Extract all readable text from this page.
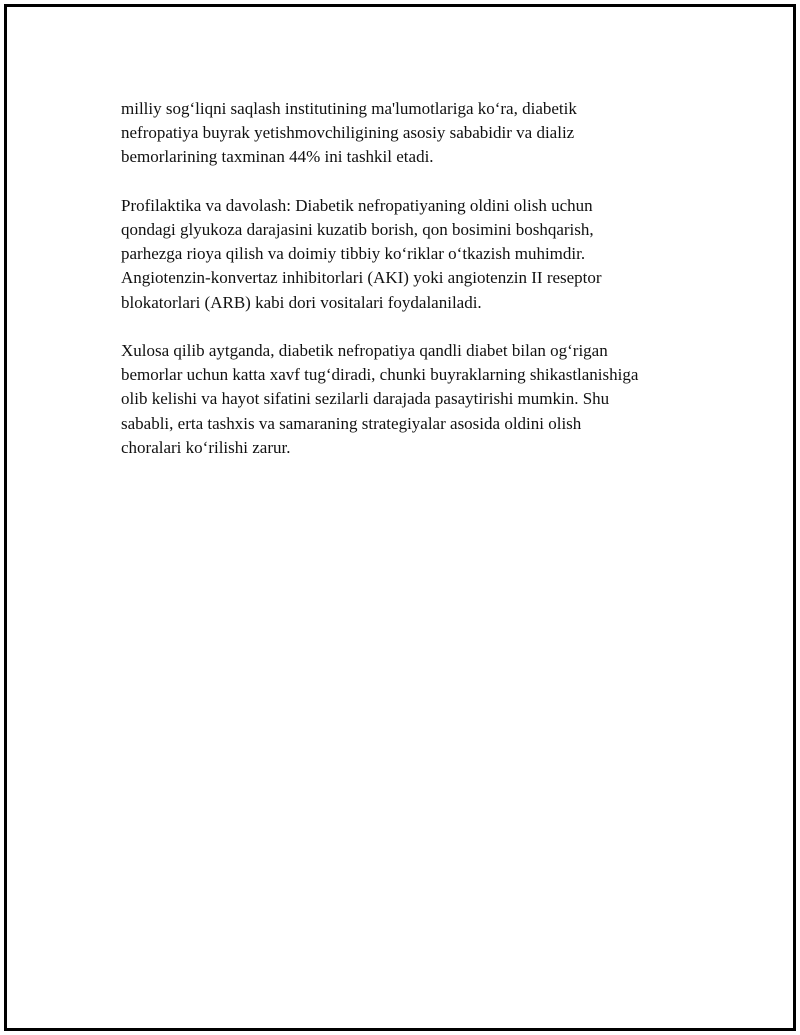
milliy sog‘liqni saqlash institutining ma'lumotlariga ko‘ra, diabetik
nefropatiya buyrak yetishmovchiligining asosiy sababidir va dializ
bemorlarining taxminan 44% ini tashkil etadi.

Profilaktika va davolash: Diabetik nefropatiyaning oldini olish uchun
qondagi glyukoza darajasini kuzatib borish, qon bosimini boshqarish,
parhezga rioya qilish va doimiy tibbiy ko‘riklar o‘tkazish muhimdir.
Angiotenzin-konvertaz inhibitorlari (AKI) yoki angiotenzin II reseptor
blokatorlari (ARB) kabi dori vositalari foydalaniladi.

Xulosa qilib aytganda, diabetik nefropatiya qandli diabet bilan og‘rigan
bemorlar uchun katta xavf tug‘diradi, chunki buyraklarning shikastlanishiga
olib kelishi va hayot sifatini sezilarli darajada pasaytirishi mumkin. Shu
sababli, erta tashxis va samaraning strategiyalar asosida oldini olish
choralari ko‘rilishi zarur.
